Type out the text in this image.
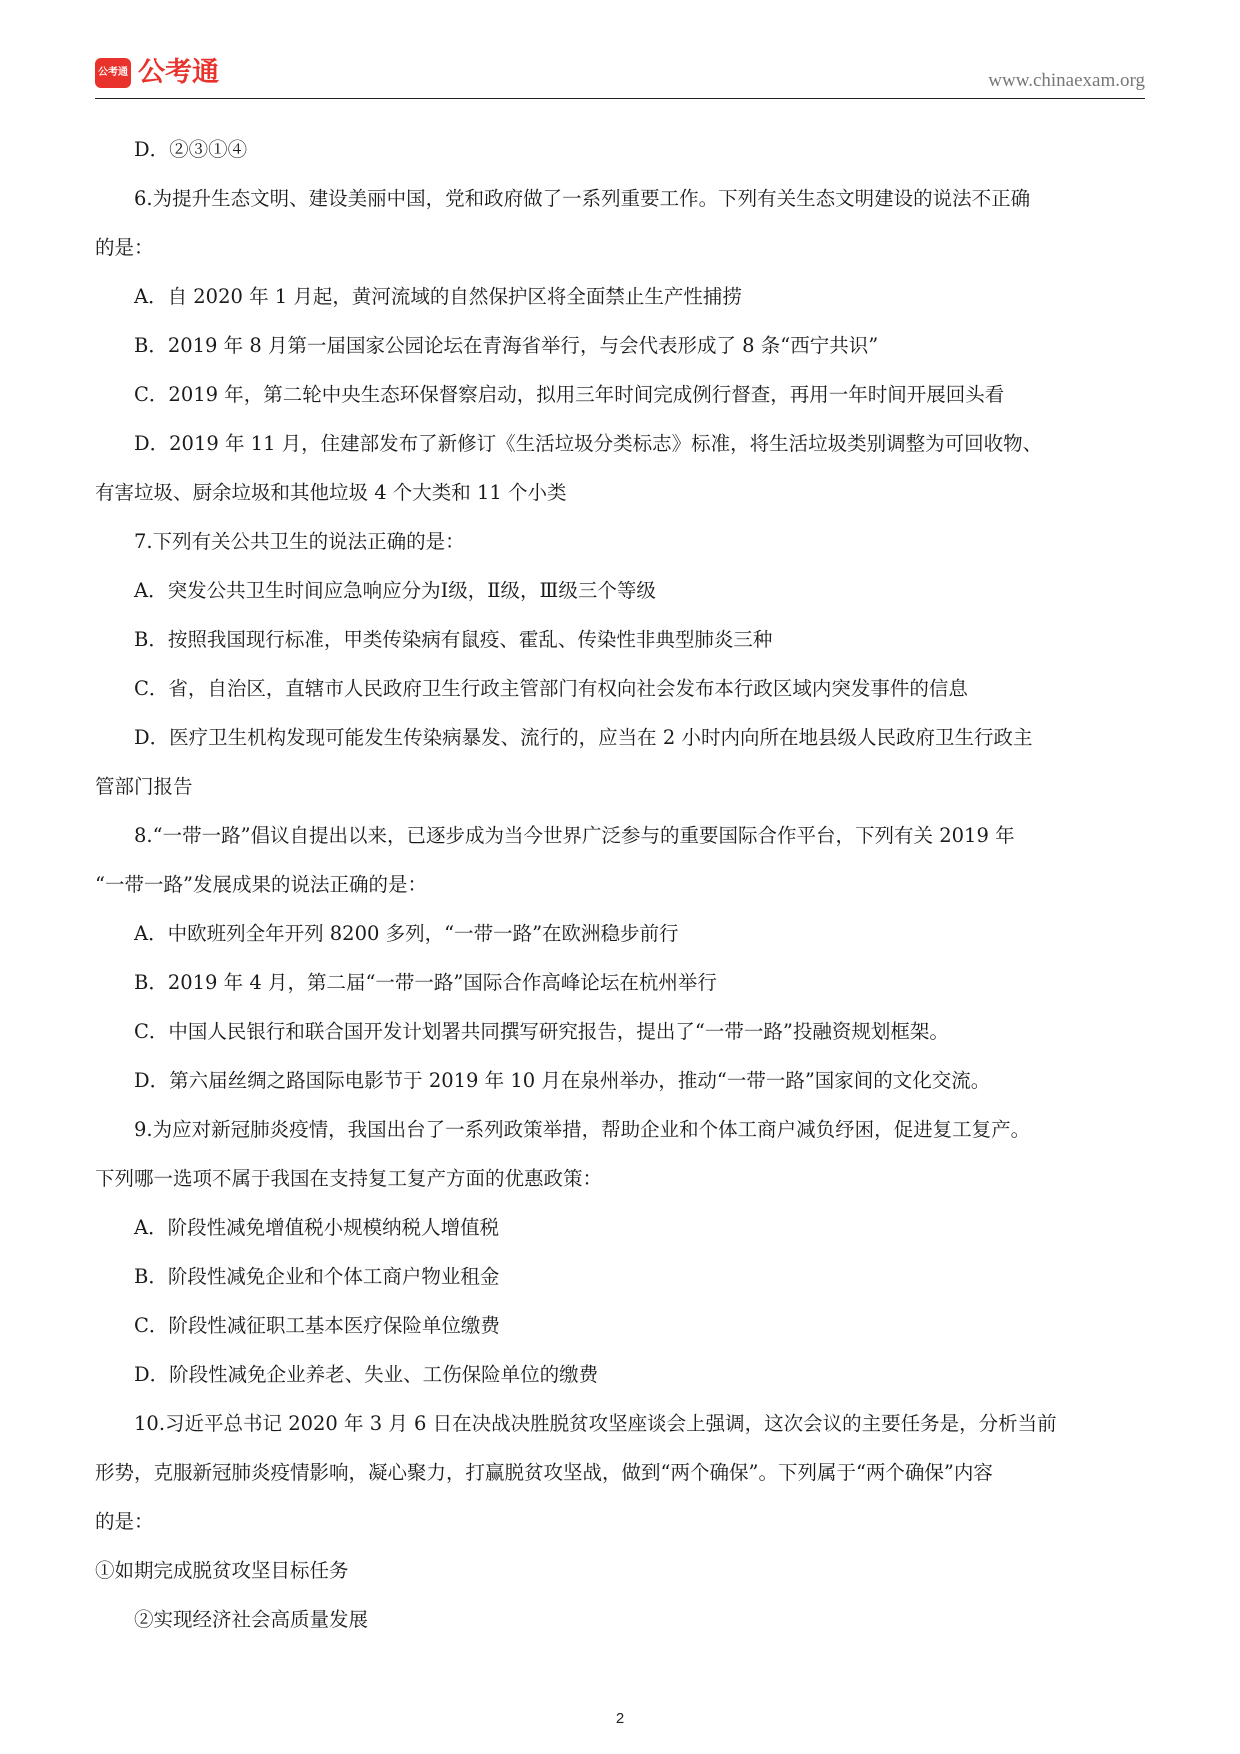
公考通 公考通	www.chinaexam.org
D．②③①④
6.为提升生态文明、建设美丽中国，党和政府做了一系列重要工作。下列有关生态文明建设的说法不正确
的是：
A．自 2020 年 1 月起，黄河流域的自然保护区将全面禁止生产性捕捞
B．2019 年 8 月第一届国家公园论坛在青海省举行，与会代表形成了 8 条“西宁共识”
C．2019 年，第二轮中央生态环保督察启动，拟用三年时间完成例行督查，再用一年时间开展回头看
D．2019 年 11 月，住建部发布了新修订《生活垃圾分类标志》标准，将生活垃圾类别调整为可回收物、
有害垃圾、厨余垃圾和其他垃圾 4 个大类和 11 个小类
7.下列有关公共卫生的说法正确的是：
A．突发公共卫生时间应急响应分为Ⅰ级，Ⅱ级，Ⅲ级三个等级
B．按照我国现行标准，甲类传染病有鼠疫、霍乱、传染性非典型肺炎三种
C．省，自治区，直辖市人民政府卫生行政主管部门有权向社会发布本行政区域内突发事件的信息
D．医疗卫生机构发现可能发生传染病暴发、流行的，应当在 2 小时内向所在地县级人民政府卫生行政主
管部门报告
8.“一带一路”倡议自提出以来，已逐步成为当今世界广泛参与的重要国际合作平台，下列有关 2019 年
“一带一路”发展成果的说法正确的是：
A．中欧班列全年开列 8200 多列，“一带一路”在欧洲稳步前行
B．2019 年 4 月，第二届“一带一路”国际合作高峰论坛在杭州举行
C．中国人民银行和联合国开发计划署共同撰写研究报告，提出了“一带一路”投融资规划框架。
D．第六届丝绸之路国际电影节于 2019 年 10 月在泉州举办，推动“一带一路”国家间的文化交流。
9.为应对新冠肺炎疫情，我国出台了一系列政策举措，帮助企业和个体工商户减负纾困，促进复工复产。
下列哪一选项不属于我国在支持复工复产方面的优惠政策：
A．阶段性减免增值税小规模纳税人增值税
B．阶段性减免企业和个体工商户物业租金
C．阶段性减征职工基本医疗保险单位缴费
D．阶段性减免企业养老、失业、工伤保险单位的缴费
10.习近平总书记 2020 年 3 月 6 日在决战决胜脱贫攻坚座谈会上强调，这次会议的主要任务是，分析当前
形势，克服新冠肺炎疫情影响，凝心聚力，打赢脱贫攻坚战，做到“两个确保”。下列属于“两个确保”内容
的是：
①如期完成脱贫攻坚目标任务
②实现经济社会高质量发展
2
